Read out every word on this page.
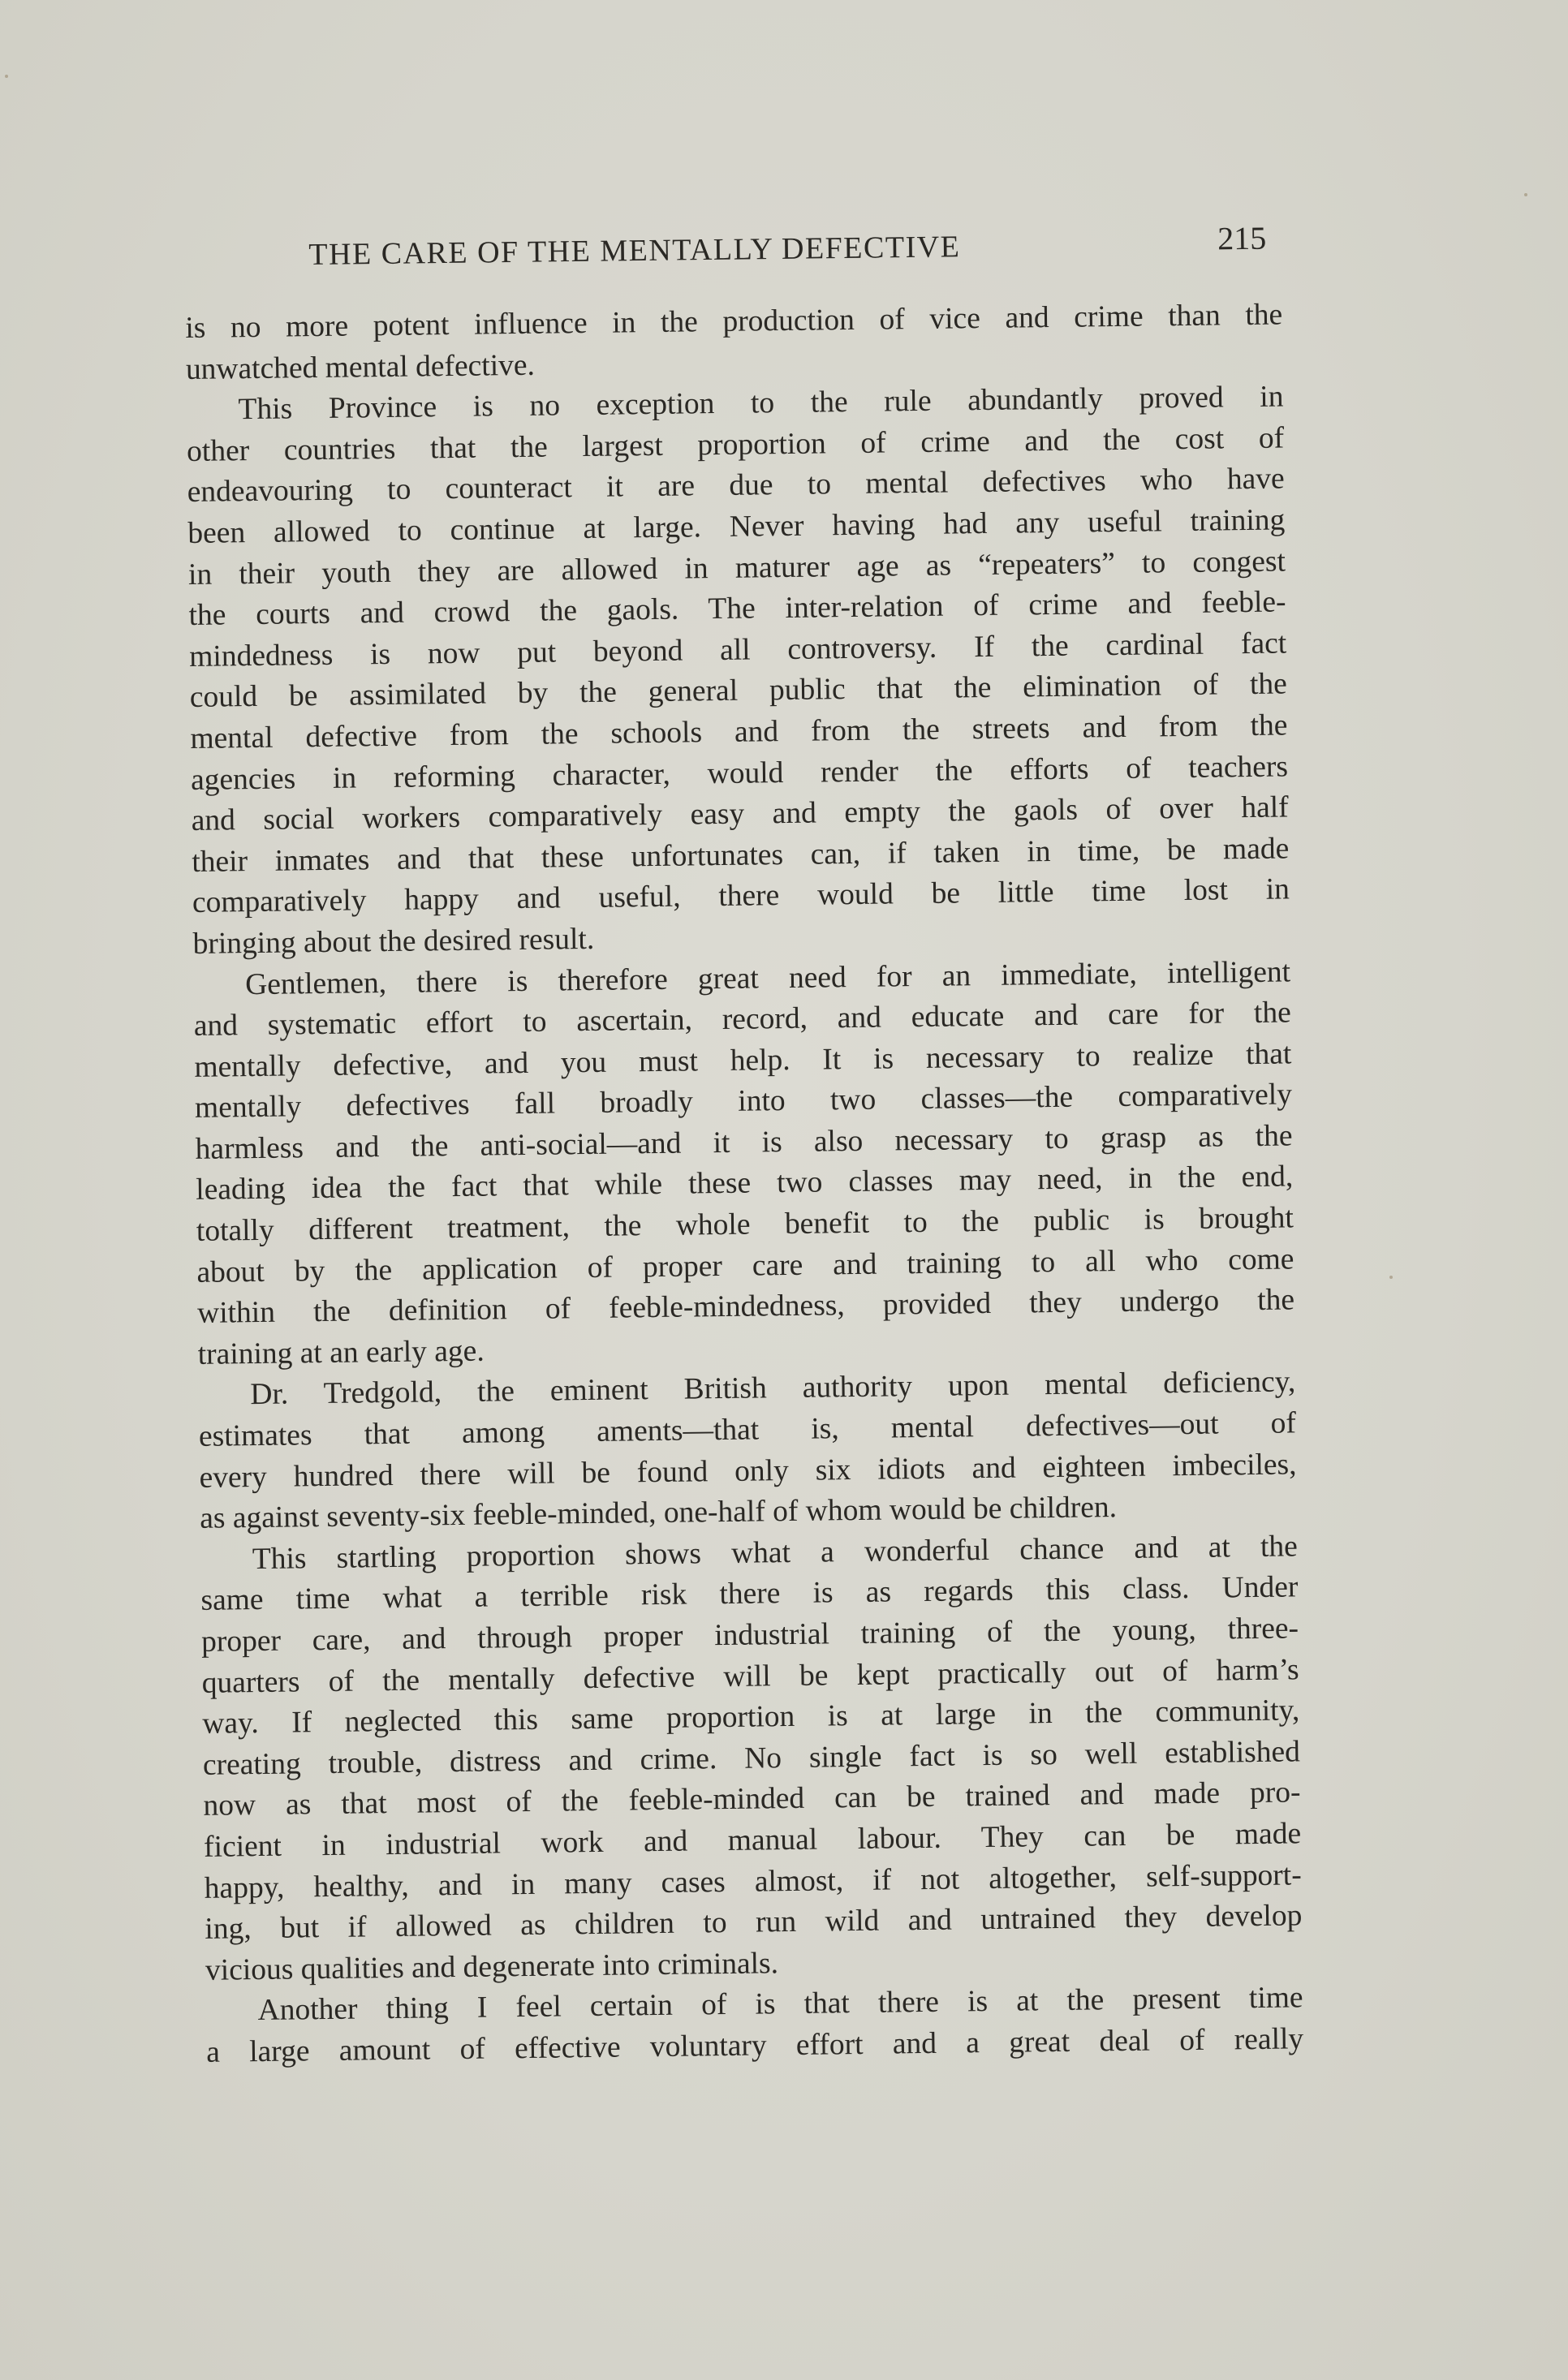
THE CARE OF THE MENTALLY DEFECTIVE	215

is no more potent influence in the production of vice and crime than the
unwatched mental defective.

This Province is no exception to the rule abundantly proved in
other countries that the largest proportion of crime and the cost of
endeavouring to counteract it are due to mental defectives who have
been allowed to continue at large. Never having had any useful training
in their youth they are allowed in maturer age as “repeaters” to congest
the courts and crowd the gaols. The inter-relation of crime and feeble-
mindedness is now put beyond all controversy. If the cardinal fact
could be assimilated by the general public that the elimination of the
mental defective from the schools and from the streets and from the
agencies in reforming character, would render the efforts of teachers
and social workers comparatively easy and empty the gaols of over half
their inmates and that these unfortunates can, if taken in time, be made
comparatively happy and useful, there would be little time lost in
bringing about the desired result.

Gentlemen, there is therefore great need for an immediate, intelligent
and systematic effort to ascertain, record, and educate and care for the
mentally defective, and you must help. It is necessary to realize that
mentally defectives fall broadly into two classes—the comparatively
harmless and the anti-social—and it is also necessary to grasp as the
leading idea the fact that while these two classes may need, in the end,
totally different treatment, the whole benefit to the public is brought
about by the application of proper care and training to all who come
within the definition of feeble-mindedness, provided they undergo the
training at an early age.

Dr. Tredgold, the eminent British authority upon mental deficiency,
estimates that among aments—that is, mental defectives—out of
every hundred there will be found only six idiots and eighteen imbeciles,
as against seventy-six feeble-minded, one-half of whom would be children.

This startling proportion shows what a wonderful chance and at the
same time what a terrible risk there is as regards this class. Under
proper care, and through proper industrial training of the young, three-
quarters of the mentally defective will be kept practically out of harm’s
way. If neglected this same proportion is at large in the community,
creating trouble, distress and crime. No single fact is so well established
now as that most of the feeble-minded can be trained and made pro-
ficient in industrial work and manual labour. They can be made
happy, healthy, and in many cases almost, if not altogether, self-support-
ing, but if allowed as children to run wild and untrained they develop
vicious qualities and degenerate into criminals.

Another thing I feel certain of is that there is at the present time
a large amount of effective voluntary effort and a great deal of really
